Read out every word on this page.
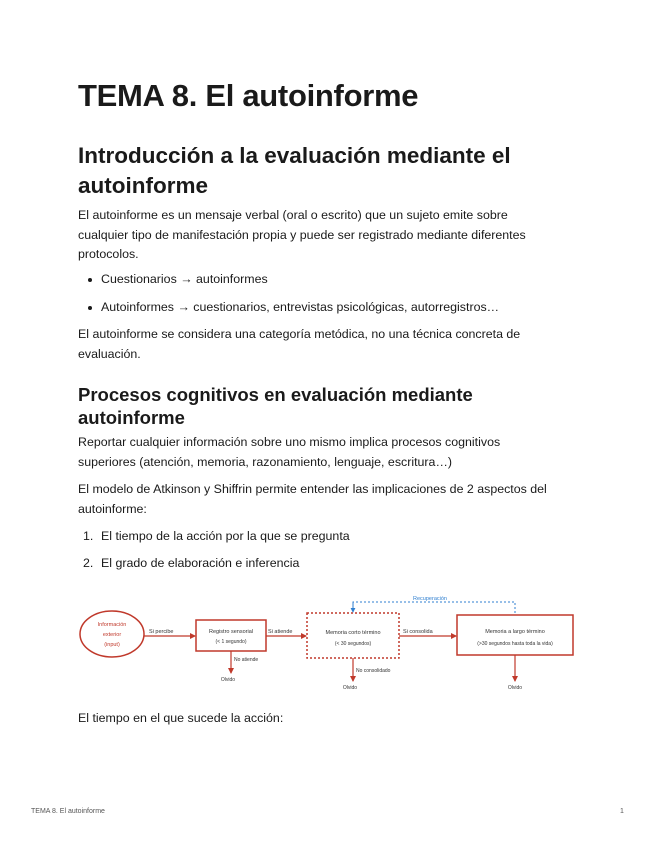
TEMA 8. El autoinforme
Introducción a la evaluación mediante el autoinforme

El autoinforme es un mensaje verbal (oral o escrito) que un sujeto emite sobre cualquier tipo de manifestación propia y puede ser registrado mediante diferentes protocolos.

Cuestionarios → autoinformes
Autoinformes → cuestionarios, entrevistas psicológicas, autorregistros…

El autoinforme se considera una categoría metódica, no una técnica concreta de evaluación.

Procesos cognitivos en evaluación mediante autoinforme

Reportar cualquier información sobre uno mismo implica procesos cognitivos superiores (atención, memoria, razonamiento, lenguaje, escritura…)

El modelo de Atkinson y Shiffrin permite entender las implicaciones de 2 aspectos del autoinforme:

1. El tiempo de la acción por la que se pregunta
2. El grado de elaboración e inferencia

El tiempo en el que sucede la acción:

Información
exterior
(input)
Si percibe	Registro sensorial
(< 1 segundo)
No atiende
Olvido
Si atiende	Memoria corto término
(< 30 segundos)
No consolidado
Olvido
Si consolida	Memoria a largo término
(>30 segundos hasta toda la vida)
Olvido
Recuperación
TEMA 8. El autoinforme	1
